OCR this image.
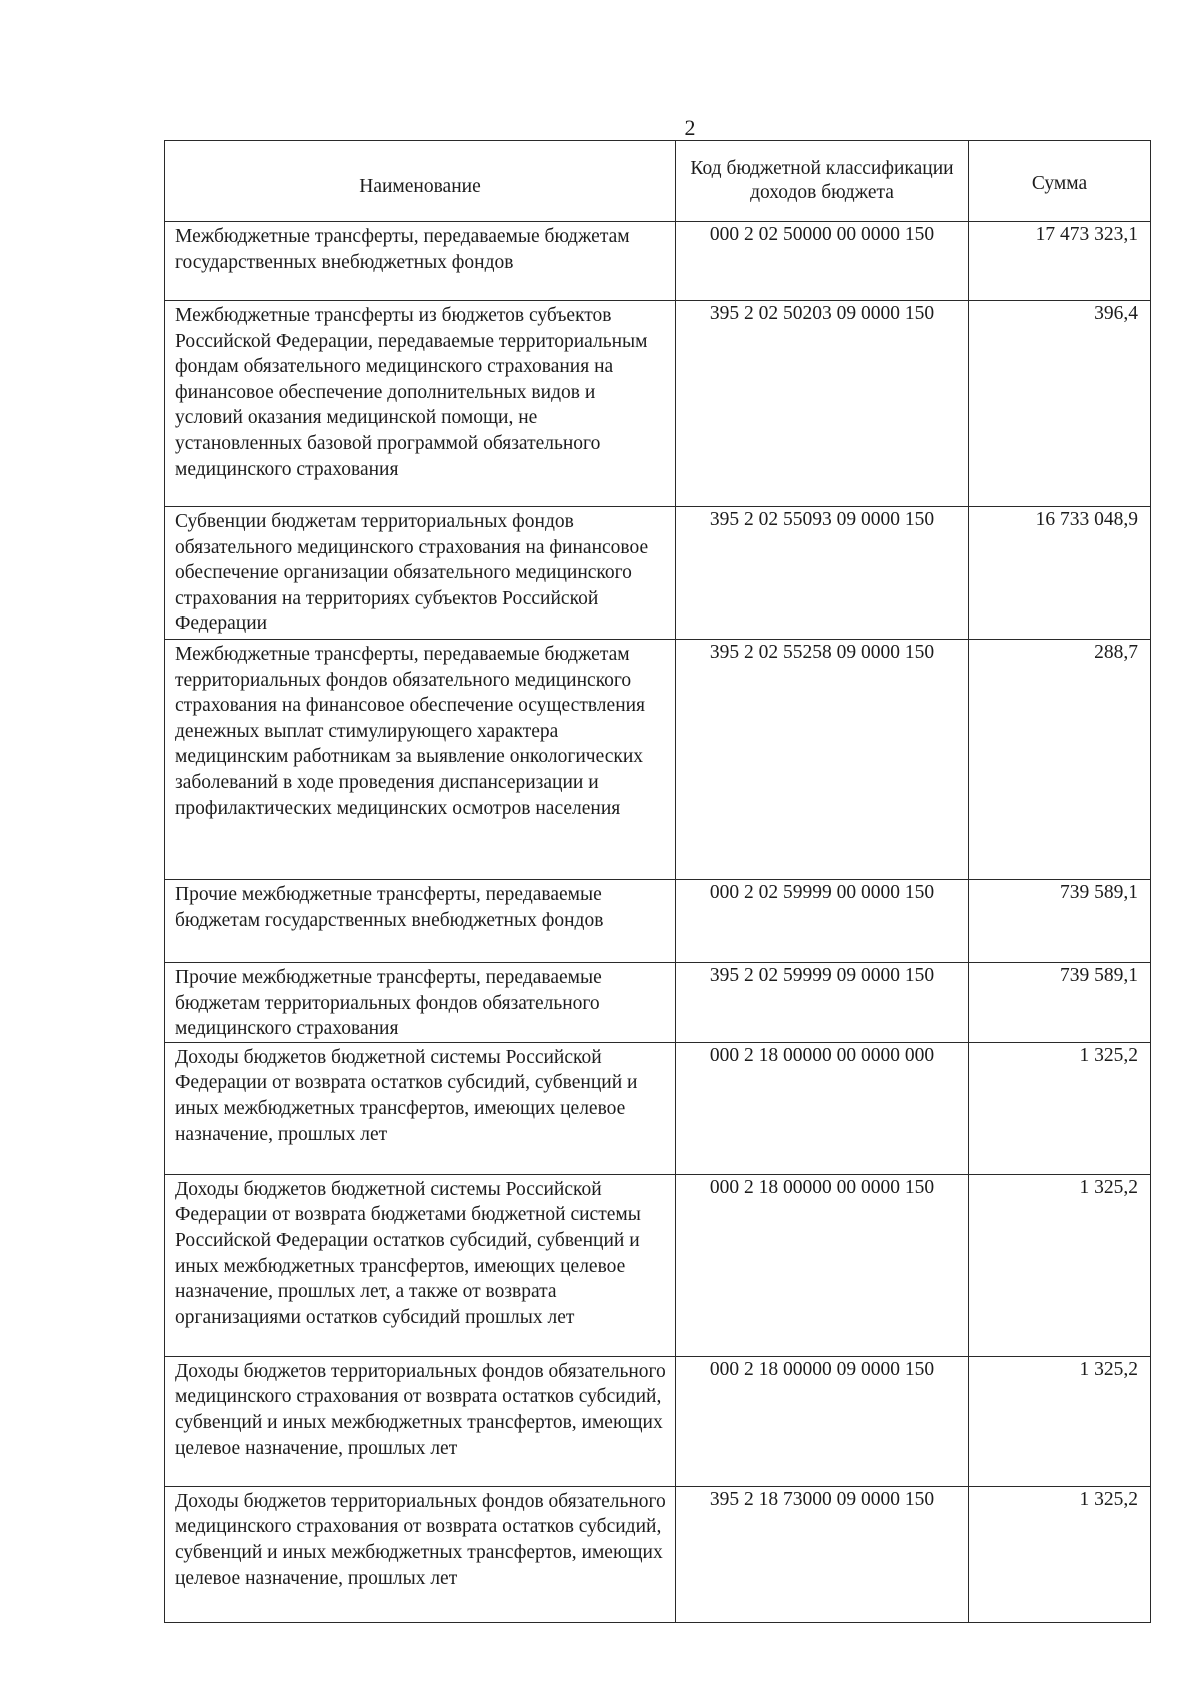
2
Наименование	Код бюджетной классификации доходов бюджета	Сумма
Межбюджетные трансферты, передаваемые бюджетам государственных внебюджетных фондов	000 2 02 50000 00 0000 150	17 473 323,1
Межбюджетные трансферты из бюджетов субъектов Российской Федерации, передаваемые территориальным фондам обязательного медицинского страхования на финансовое обеспечение дополнительных видов и условий оказания медицинской помощи, не установленных базовой программой обязательного медицинского страхования	395 2 02 50203 09 0000 150	396,4
Субвенции бюджетам территориальных фондов обязательного медицинского страхования на финансовое обеспечение организации обязательного медицинского страхования на территориях субъектов Российской Федерации	395 2 02 55093 09 0000 150	16 733 048,9
Межбюджетные трансферты, передаваемые бюджетам территориальных фондов обязательного медицинского страхования на финансовое обеспечение осуществления денежных выплат стимулирующего характера медицинским работникам за выявление онкологических заболеваний в ходе проведения диспансеризации и профилактических медицинских осмотров населения	395 2 02 55258 09 0000 150	288,7
Прочие межбюджетные трансферты, передаваемые бюджетам государственных внебюджетных фондов	000 2 02 59999 00 0000 150	739 589,1
Прочие межбюджетные трансферты, передаваемые бюджетам территориальных фондов обязательного медицинского страхования	395 2 02 59999 09 0000 150	739 589,1
Доходы бюджетов бюджетной системы Российской Федерации от возврата остатков субсидий, субвенций и иных межбюджетных трансфертов, имеющих целевое назначение, прошлых лет	000 2 18 00000 00 0000 000	1 325,2
Доходы бюджетов бюджетной системы Российской Федерации от возврата бюджетами бюджетной системы Российской Федерации остатков субсидий, субвенций и иных межбюджетных трансфертов, имеющих целевое назначение, прошлых лет, а также от возврата организациями остатков субсидий прошлых лет	000 2 18 00000 00 0000 150	1 325,2
Доходы бюджетов территориальных фондов обязательного медицинского страхования от возврата остатков субсидий, субвенций и иных межбюджетных трансфертов, имеющих целевое назначение, прошлых лет	000 2 18 00000 09 0000 150	1 325,2
Доходы бюджетов территориальных фондов обязательного медицинского страхования от возврата остатков субсидий, субвенций и иных межбюджетных трансфертов, имеющих целевое назначение, прошлых лет	395 2 18 73000 09 0000 150	1 325,2
